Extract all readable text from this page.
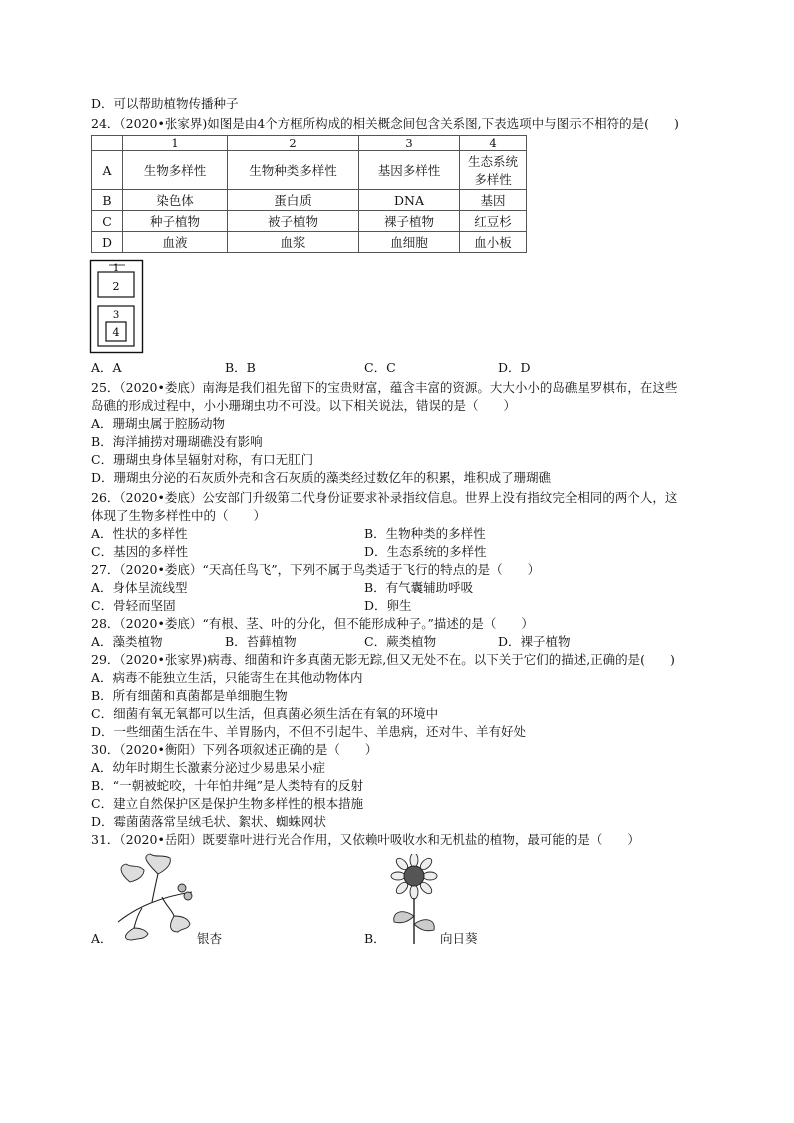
D．可以帮助植物传播种子
24．（2020•张家界)如图是由4个方框所构成的相关概念间包含关系图,下表选项中与图示不相符的是(　　)
	1	2	3	4
A	生物多样性	生物种类多样性	基因多样性	生态系统
多样性

B	染色体	蛋白质	DNA	基因
C	种子植物	被子植物	裸子植物	红豆杉
D	血液	血浆	血细胞	血小板
1
2
3
4
A．A	B．B	C．C	D．D
25．（2020•娄底）南海是我们祖先留下的宝贵财富，蕴含丰富的资源。大大小小的岛礁星罗棋布，在这些
岛礁的形成过程中，小小珊瑚虫功不可没。以下相关说法，错误的是（　　）
A．珊瑚虫属于腔肠动物
B．海洋捕捞对珊瑚礁没有影响
C．珊瑚虫身体呈辐射对称，有口无肛门
D．珊瑚虫分泌的石灰质外壳和含石灰质的藻类经过数亿年的积累，堆积成了珊瑚礁
26．（2020•娄底）公安部门升级第二代身份证要求补录指纹信息。世界上没有指纹完全相同的两个人，这
体现了生物多样性中的（　　）
A．性状的多样性	B．生物种类的多样性
C．基因的多样性	D．生态系统的多样性
27．（2020•娄底）“天高任鸟飞”，下列不属于鸟类适于飞行的特点的是（　　）
A．身体呈流线型	B．有气囊辅助呼吸
C．骨轻而坚固	D．卵生
28．（2020•娄底）“有根、茎、叶的分化，但不能形成种子。”描述的是（　　）
A．藻类植物	B．苔藓植物	C．蕨类植物	D．裸子植物
29．（2020•张家界)病毒、细菌和许多真菌无影无踪,但又无处不在。以下关于它们的描述,正确的是(　　)
A．病毒不能独立生活，只能寄生在其他动物体内
B．所有细菌和真菌都是单细胞生物
C．细菌有氧无氧都可以生活，但真菌必须生活在有氧的环境中
D．一些细菌生活在牛、羊胃肠内，不但不引起牛、羊患病，还对牛、羊有好处
30．（2020•衡阳）下列各项叙述正确的是（　　）
A．幼年时期生长激素分泌过少易患呆小症
B．“一朝被蛇咬，十年怕井绳”是人类特有的反射
C．建立自然保护区是保护生物多样性的根本措施
D．霉菌菌落常呈绒毛状、絮状、蜘蛛网状
31．（2020•岳阳）既要靠叶进行光合作用，又依赖叶吸收水和无机盐的植物，最可能的是（　　）
A．	银杏	B．	向日葵
